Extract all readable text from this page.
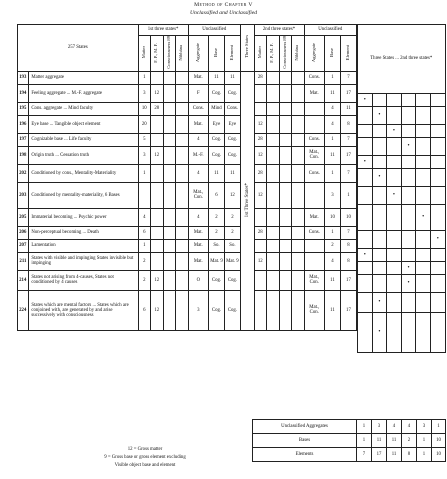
Method of Chapter V
Unclassified and Unclassified
257 States		1st three states*				Unclassified			Three States	2nd three states*				Unclassified		
		Matter	F. P., M. F.	Consciousness 89	Nibbāna	Aggregate	Base	Element		Matter	F. P., M. F.	Consciousness 89	Nibbāna	Aggregate	Base	Element
193	Matter aggregate	1				Mat.	11	11	1st Three States*	28				Cons.	1	7
194	Feeling aggregate ... M.-F. aggregate	3	12			F	Cog.	Cog.						Mat.	11	17
195	Cons. aggregate ... Mind faculty	10	28			Cons.	Mind	Cons.							4	11
196	Eye base ... Tangible object element	20				Mat.	Eye	Eye		12					4	8
197	Cognizable base ... Life faculty	5				4	Cog.	Cog.		28				Cons.	1	7
198	Origin truth ... Cessation truth	3	12			M.-F.	Cog.	Cog.		12				Mat., Con.	11	17
202	Conditioned by cons., Mentality-Materiality	1				4	11	11		28				Cons.	1	7
203	Conditioned by mentality-materiality, 6 Bases					Mat., Con.	6	12		12					3	1
205	Immaterial becoming ... Psychic power	4				4	2	2						Mat.	10	10
206	Non-perceptual becoming ... Death	6				Mat.	2	2		28				Cons.	1	7
207	Lamentation	1				Mat.	So.	So.							2	8
211	States with visible and impinging States invisible but impinging	2				Mat.	Mat. 9	Mat. 9		12					4	8
214	States not arising from 4-causes, States not conditioned by 4 causes	2	12			O	Cog.	Cog.						Mat., Con.	11	17
224	States which are mental factors ... States which are conjoined with, are generated by and arise successively with consciousness	6	12			3	Cog.	Cog.						Mat., Con.	11	17
Three States ... 2nd three states*					
•					
	•				
		•			
			•		
•					
	•				
		•			
				•	
					•
•					
			•		
			•		
	•				
	•				
Unclassified Aggregates	1	3	4	4	3	1
Bases	1	11	11	2	1	10
Elements	7	17	11	8	1	10
12 = Gross matter
9 = Gross base or gross element excluding
Visible object base and element
